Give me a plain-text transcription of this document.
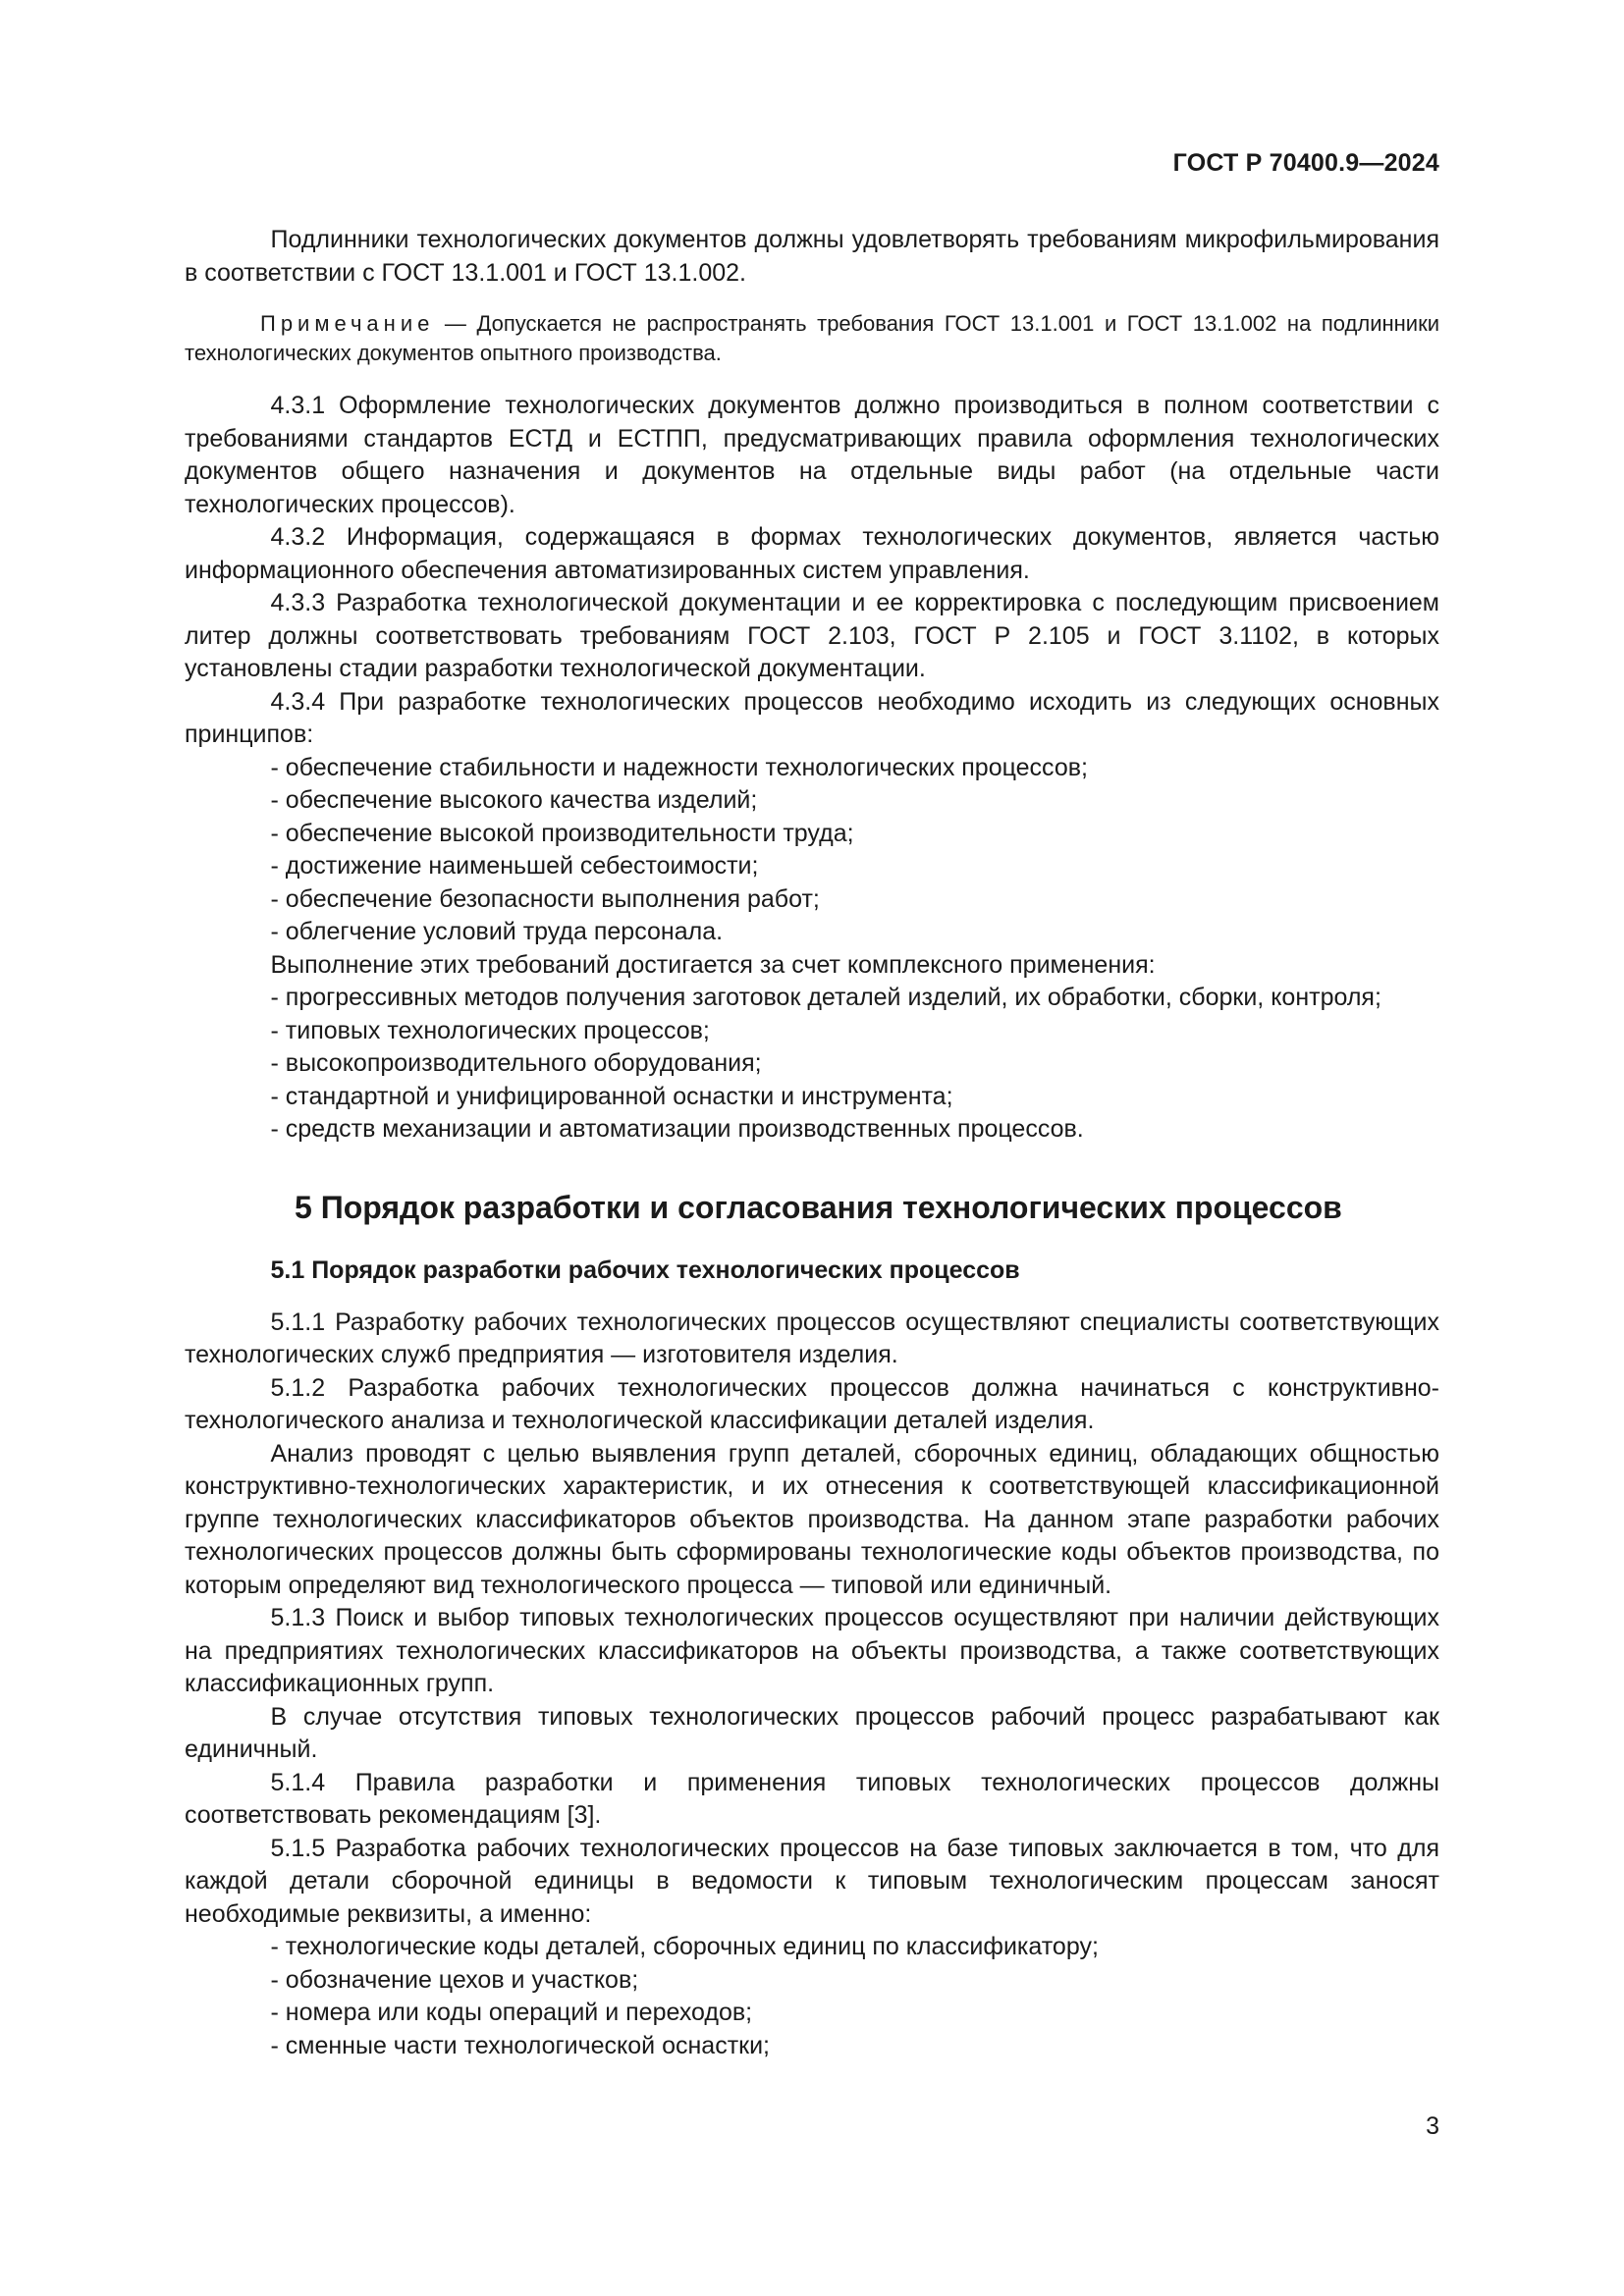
ГОСТ Р 70400.9—2024

Подлинники технологических документов должны удовлетворять требованиям микрофильмирования в соответствии с ГОСТ 13.1.001 и ГОСТ 13.1.002.

Примечание — Допускается не распространять требования ГОСТ 13.1.001 и ГОСТ 13.1.002 на подлинники технологических документов опытного производства.

4.3.1 Оформление технологических документов должно производиться в полном соответствии с требованиями стандартов ЕСТД и ЕСТПП, предусматривающих правила оформления технологических документов общего назначения и документов на отдельные виды работ (на отдельные части технологических процессов).

4.3.2 Информация, содержащаяся в формах технологических документов, является частью информационного обеспечения автоматизированных систем управления.

4.3.3 Разработка технологической документации и ее корректировка с последующим присвоением литер должны соответствовать требованиям ГОСТ 2.103, ГОСТ Р 2.105 и ГОСТ 3.1102, в которых установлены стадии разработки технологической документации.

4.3.4 При разработке технологических процессов необходимо исходить из следующих основных принципов:

- обеспечение стабильности и надежности технологических процессов;
- обеспечение высокого качества изделий;
- обеспечение высокой производительности труда;
- достижение наименьшей себестоимости;
- обеспечение безопасности выполнения работ;
- облегчение условий труда персонала.

Выполнение этих требований достигается за счет комплексного применения:

- прогрессивных методов получения заготовок деталей изделий, их обработки, сборки, контроля;
- типовых технологических процессов;
- высокопроизводительного оборудования;
- стандартной и унифицированной оснастки и инструмента;
- средств механизации и автоматизации производственных процессов.
5 Порядок разработки и согласования технологических процессов
5.1 Порядок разработки рабочих технологических процессов

5.1.1 Разработку рабочих технологических процессов осуществляют специалисты соответствующих технологических служб предприятия — изготовителя изделия.

5.1.2 Разработка рабочих технологических процессов должна начинаться с конструктивно-технологического анализа и технологической классификации деталей изделия.

Анализ проводят с целью выявления групп деталей, сборочных единиц, обладающих общностью конструктивно-технологических характеристик, и их отнесения к соответствующей классификационной группе технологических классификаторов объектов производства. На данном этапе разработки рабочих технологических процессов должны быть сформированы технологические коды объектов производства, по которым определяют вид технологического процесса — типовой или единичный.

5.1.3 Поиск и выбор типовых технологических процессов осуществляют при наличии действующих на предприятиях технологических классификаторов на объекты производства, а также соответствующих классификационных групп.

В случае отсутствия типовых технологических процессов рабочий процесс разрабатывают как единичный.

5.1.4 Правила разработки и применения типовых технологических процессов должны соответствовать рекомендациям [3].

5.1.5 Разработка рабочих технологических процессов на базе типовых заключается в том, что для каждой детали сборочной единицы в ведомости к типовым технологическим процессам заносят необходимые реквизиты, а именно:

- технологические коды деталей, сборочных единиц по классификатору;
- обозначение цехов и участков;
- номера или коды операций и переходов;
- сменные части технологической оснастки;
3
